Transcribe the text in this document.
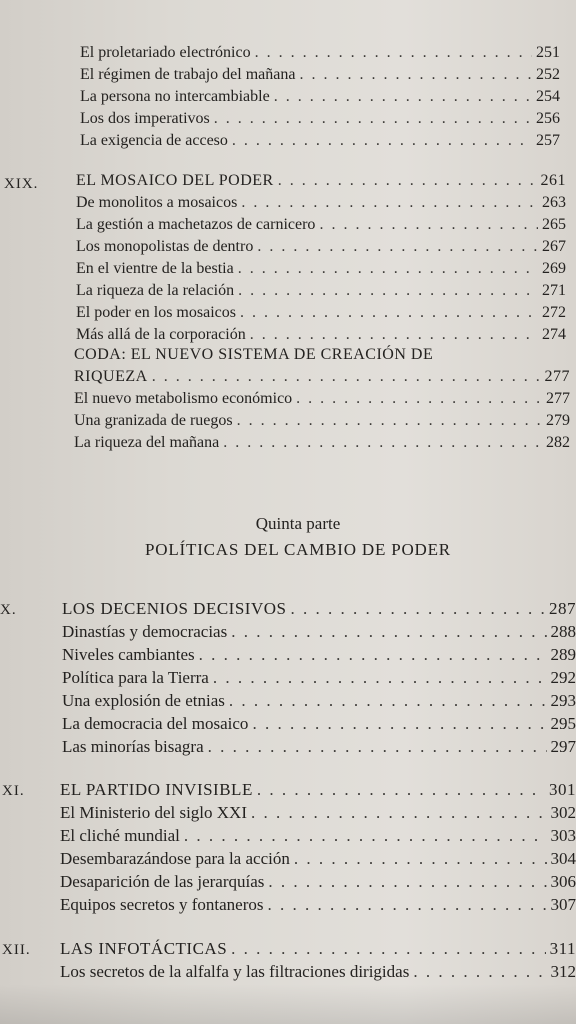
El proletariado electrónico . . .	251
El régimen de trabajo del mañana . . .	252
La persona no intercambiable . . .	254
Los dos imperativos . . .	256
La exigencia de acceso . . .	257
XIX. EL MOSAICO DEL PODER . . .	261
De monolitos a mosaicos . . .	263
La gestión a machetazos de carnicero . . .	265
Los monopolistas de dentro . . .	267
En el vientre de la bestia . . .	269
La riqueza de la relación . . .	271
El poder en los mosaicos . . .	272
Más allá de la corporación . . .	274
CODA: EL NUEVO SISTEMA DE CREACIÓN DE
RIQUEZA . . .	277
El nuevo metabolismo económico . . .	277
Una granizada de ruegos . . .	279
La riqueza del mañana . . .	282
Quinta parte
POLÍTICAS DEL CAMBIO DE PODER
X.	LOS DECENIOS DECISIVOS . . .	287
Dinastías y democracias . . .	288
Niveles cambiantes . . .	289
Política para la Tierra . . .	292
Una explosión de etnias . . .	293
La democracia del mosaico . . .	295
Las minorías bisagra . . .	297
XI. EL PARTIDO INVISIBLE . . .	301
El Ministerio del siglo XXI . . .	302
El cliché mundial . . .	303
Desembarazándose para la acción . . .	304
Desaparición de las jerarquías . . .	306
Equipos secretos y fontaneros . . .	307
XII. LAS INFOTÁCTICAS . . .	311
Los secretos de la alfalfa y las filtraciones dirigidas . . .	312
